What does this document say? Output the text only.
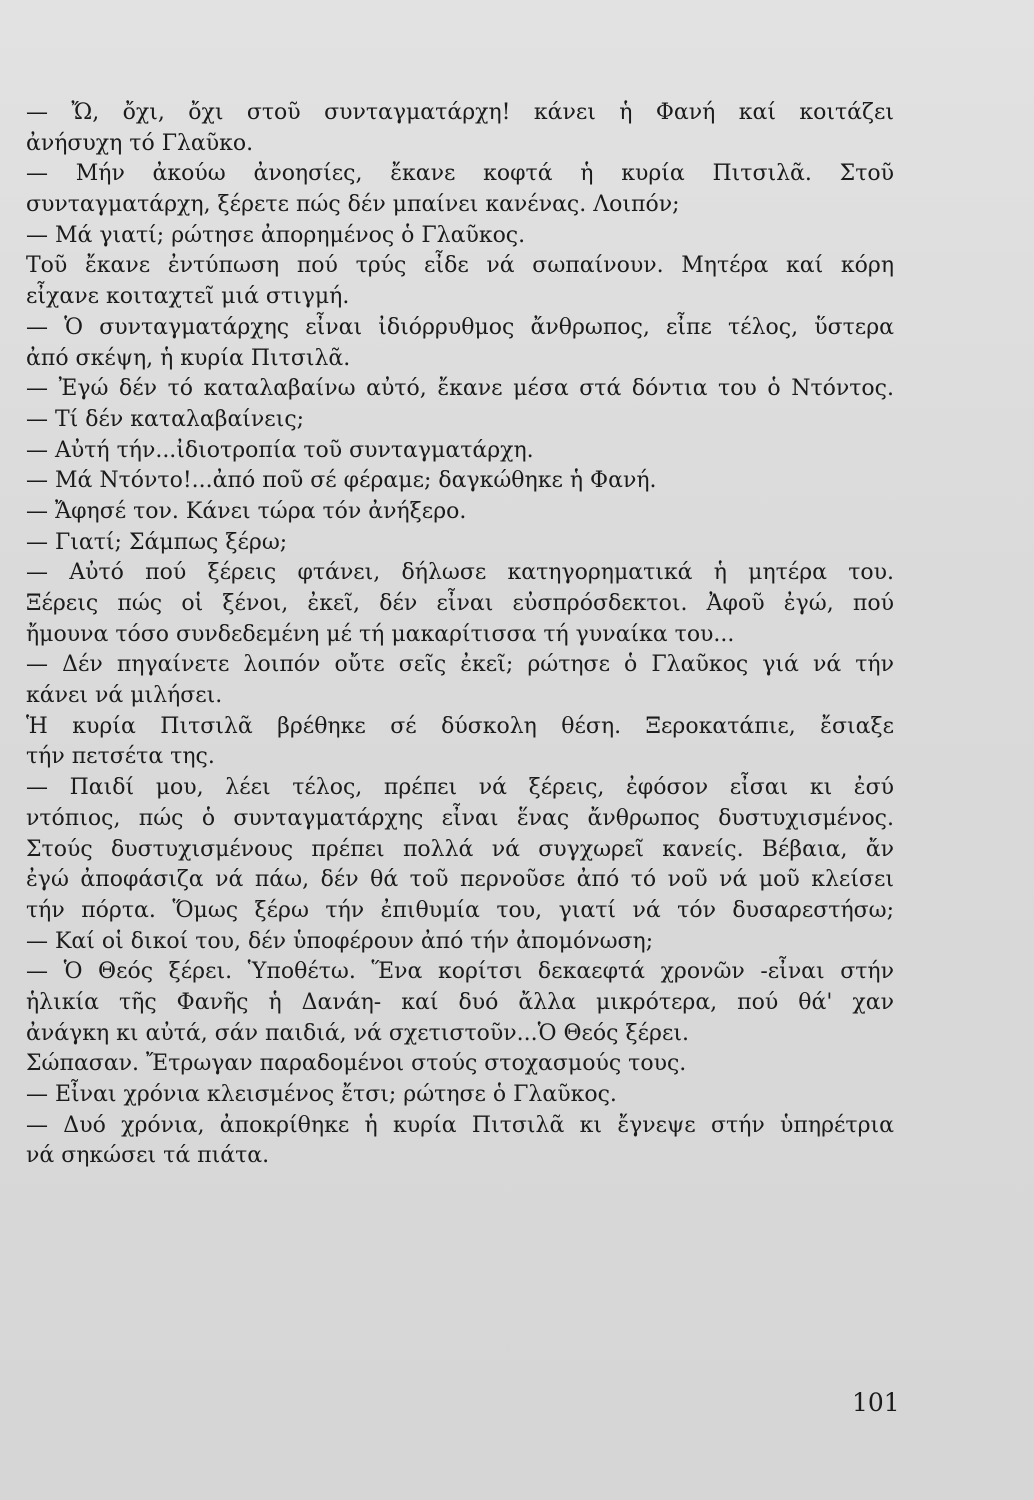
— Ὤ, ὄχι, ὄχι στοῦ συνταγματάρχη! κάνει ἡ Φανή καί κοιτάζει
ἀνήσυχη τό Γλαῦκο.
— Μήν ἀκούω ἀνοησίες, ἔκανε κοφτά ἡ κυρία Πιτσιλᾶ. Στοῦ
συνταγματάρχη, ξέρετε πώς δέν μπαίνει κανένας. Λοιπόν;
— Μά γιατί; ρώτησε ἀπορημένος ὁ Γλαῦκος.
Τοῦ ἔκανε ἐντύπωση πού τρύς εἶδε νά σωπαίνουν. Μητέρα καί κόρη
εἶχανε κοιταχτεῖ μιά στιγμή.
— Ὁ συνταγματάρχης εἶναι ἰδιόρρυθμος ἄνθρωπος, εἶπε τέλος, ὕστερα
ἀπό σκέψη, ἡ κυρία Πιτσιλᾶ.
— Ἐγώ δέν τό καταλαβαίνω αὐτό, ἔκανε μέσα στά δόντια του ὁ Ντόντος.
— Τί δέν καταλαβαίνεις;
— Αὐτή τήν...ἰδιοτροπία τοῦ συνταγματάρχη.
— Μά Ντόντο!...ἀπό ποῦ σέ φέραμε; δαγκώθηκε ἡ Φανή.
— Ἄφησέ τον. Κάνει τώρα τόν ἀνήξερο.
— Γιατί; Σάμπως ξέρω;
— Αὐτό πού ξέρεις φτάνει, δήλωσε κατηγορηματικά ἡ μητέρα του.
Ξέρεις πώς οἱ ξένοι, ἐκεῖ, δέν εἶναι εὐσπρόσδεκτοι. Ἀφοῦ ἐγώ, πού
ἤμουνα τόσο συνδεδεμένη μέ τή μακαρίτισσα τή γυναίκα του...
— Δέν πηγαίνετε λοιπόν οὔτε σεῖς ἐκεῖ; ρώτησε ὁ Γλαῦκος γιά νά τήν
κάνει νά μιλήσει.
Ἡ κυρία Πιτσιλᾶ βρέθηκε σέ δύσκολη θέση. Ξεροκατάπιε, ἔσιαξε
τήν πετσέτα της.
— Παιδί μου, λέει τέλος, πρέπει νά ξέρεις, ἐφόσον εἶσαι κι ἐσύ
ντόπιος, πώς ὁ συνταγματάρχης εἶναι ἕνας ἄνθρωπος δυστυχισμένος.
Στούς δυστυχισμένους πρέπει πολλά νά συγχωρεῖ κανείς. Βέβαια, ἄν
ἐγώ ἀποφάσιζα νά πάω, δέν θά τοῦ περνοῦσε ἀπό τό νοῦ νά μοῦ κλείσει
τήν πόρτα. Ὅμως ξέρω τήν ἐπιθυμία του, γιατί νά τόν δυσαρεστήσω;
— Καί οἱ δικοί του, δέν ὑποφέρουν ἀπό τήν ἀπομόνωση;
— Ὁ Θεός ξέρει. Ὑποθέτω. Ἕνα κορίτσι δεκαεφτά χρονῶν -εἶναι στήν
ἡλικία τῆς Φανῆς ἡ Δανάη- καί δυό ἄλλα μικρότερα, πού θά' χαν
ἀνάγκη κι αὐτά, σάν παιδιά, νά σχετιστοῦν...Ὁ Θεός ξέρει.
Σώπασαν. Ἔτρωγαν παραδομένοι στούς στοχασμούς τους.
— Εἶναι χρόνια κλεισμένος ἔτσι; ρώτησε ὁ Γλαῦκος.
— Δυό χρόνια, ἀποκρίθηκε ἡ κυρία Πιτσιλᾶ κι ἔγνεψε στήν ὑπηρέτρια
νά σηκώσει τά πιάτα.
101
